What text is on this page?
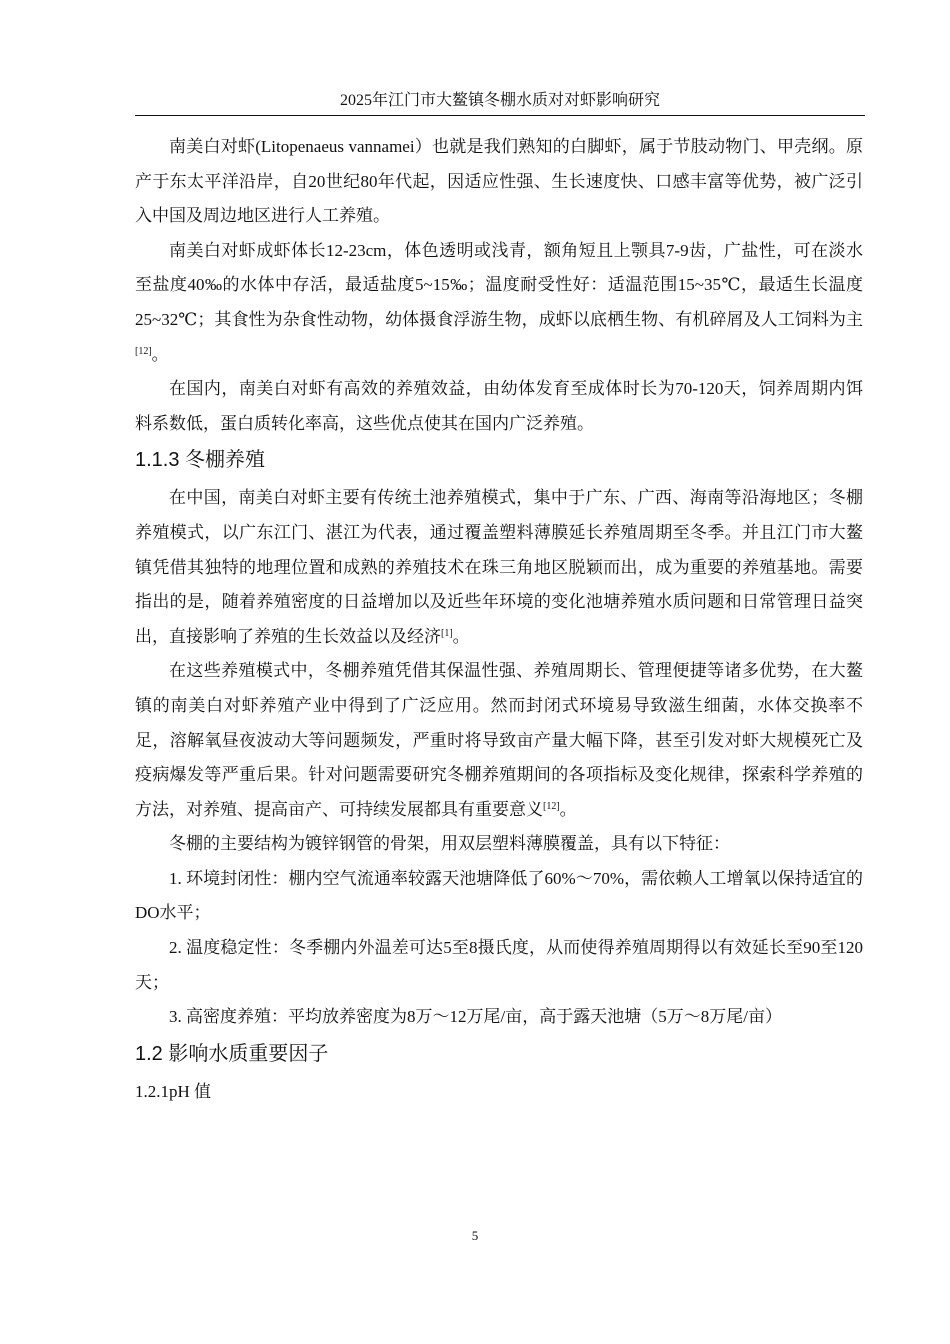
2025年江门市大鳌镇冬棚水质对对虾影响研究

南美白对虾(Litopenaeus vannamei）也就是我们熟知的白脚虾，属于节肢动物门、甲壳纲。原产于东太平洋沿岸，自20世纪80年代起，因适应性强、生长速度快、口感丰富等优势，被广泛引入中国及周边地区进行人工养殖。

南美白对虾成虾体长12-23cm，体色透明或浅青，额角短且上颚具7-9齿，广盐性，可在淡水至盐度40‰的水体中存活，最适盐度5~15‰；温度耐受性好：适温范围15~35℃，最适生长温度25~32℃；其食性为杂食性动物，幼体摄食浮游生物，成虾以底栖生物、有机碎屑及人工饲料为主[12]。

在国内，南美白对虾有高效的养殖效益，由幼体发育至成体时长为70-120天，饲养周期内饵料系数低，蛋白质转化率高，这些优点使其在国内广泛养殖。

1.1.3 冬棚养殖

在中国，南美白对虾主要有传统土池养殖模式，集中于广东、广西、海南等沿海地区；冬棚养殖模式，以广东江门、湛江为代表，通过覆盖塑料薄膜延长养殖周期至冬季。并且江门市大鳌镇凭借其独特的地理位置和成熟的养殖技术在珠三角地区脱颖而出，成为重要的养殖基地。需要指出的是，随着养殖密度的日益增加以及近些年环境的变化池塘养殖水质问题和日常管理日益突出，直接影响了养殖的生长效益以及经济[1]。

在这些养殖模式中，冬棚养殖凭借其保温性强、养殖周期长、管理便捷等诸多优势，在大鳌镇的南美白对虾养殖产业中得到了广泛应用。然而封闭式环境易导致滋生细菌，水体交换率不足，溶解氧昼夜波动大等问题频发，严重时将导致亩产量大幅下降，甚至引发对虾大规模死亡及疫病爆发等严重后果。针对问题需要研究冬棚养殖期间的各项指标及变化规律，探索科学养殖的方法，对养殖、提高亩产、可持续发展都具有重要意义[12]。

冬棚的主要结构为镀锌钢管的骨架，用双层塑料薄膜覆盖，具有以下特征：

1. 环境封闭性：棚内空气流通率较露天池塘降低了60%～70%，需依赖人工增氧以保持适宜的DO水平；

2. 温度稳定性：冬季棚内外温差可达5至8摄氏度，从而使得养殖周期得以有效延长至90至120天；

3. 高密度养殖：平均放养密度为8万～12万尾/亩，高于露天池塘（5万～8万尾/亩）

1.2 影响水质重要因子
1.2.1pH 值
5
